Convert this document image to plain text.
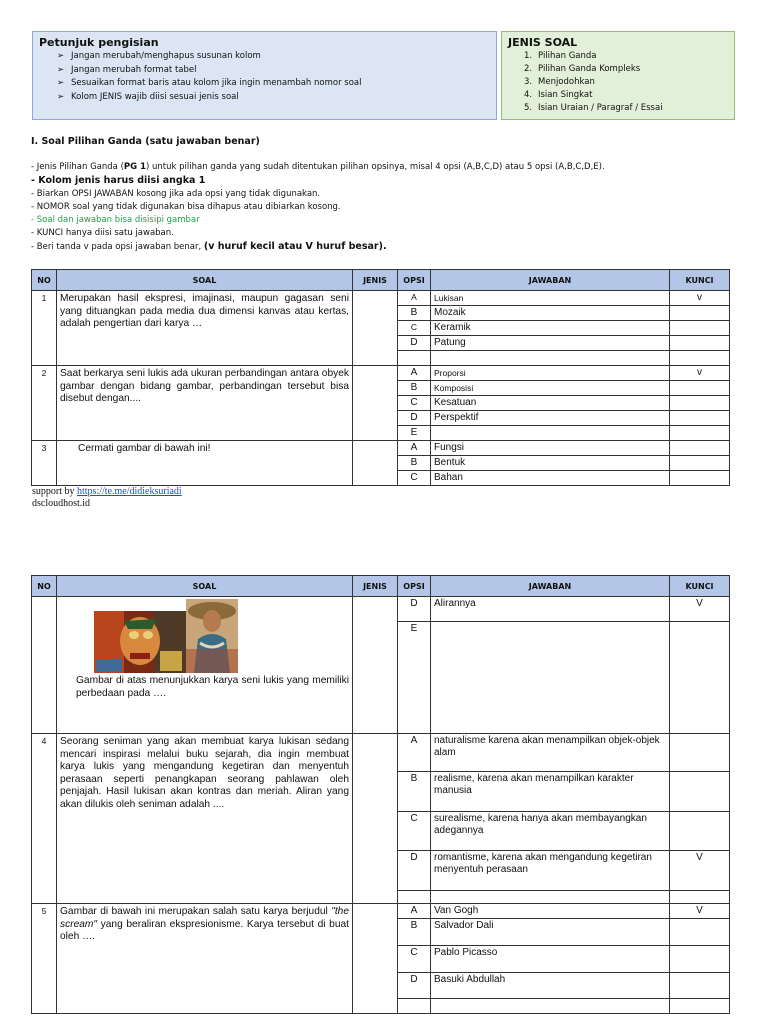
Petunjuk pengisian
➢ Jangan merubah/menghapus susunan kolom
➢ Jangan merubah format tabel
➢ Sesuaikan format baris atau kolom jika ingin menambah nomor soal
➢ Kolom JENIS wajib diisi sesuai jenis soal
JENIS SOAL
1. Pilihan Ganda
2. Pilihan Ganda Kompleks
3. Menjodohkan
4. Isian Singkat
5. Isian Uraian / Paragraf / Essai
I. Soal Pilihan Ganda (satu jawaban benar)
- Jenis Pilihan Ganda (PG 1) untuk pilihan ganda yang sudah ditentukan pilihan opsinya, misal 4 opsi (A,B,C,D) atau 5 opsi (A,B,C,D,E).
- Kolom jenis harus diisi angka 1
- Biarkan OPSI JAWABAN kosong jika ada opsi yang tidak digunakan.
- NOMOR soal yang tidak digunakan bisa dihapus atau dibiarkan kosong.
- Soal dan jawaban bisa disisipi gambar
- KUNCI hanya diisi satu jawaban.
- Beri tanda v pada opsi jawaban benar, (v huruf kecil atau V huruf besar).
NO	SOAL	JENIS	OPSI	JAWABAN	KUNCI
1	Merupakan hasil ekspresi, imajinasi, maupun gagasan seni yang dituangkan pada media dua dimensi kanvas atau kertas, adalah pengertian dari karya …		A	Lukisan	v
			B	Mozaik	
			C	Keramik	
			D	Patung	

2	Saat berkarya seni lukis ada ukuran perbandingan antara obyek gambar dengan bidang gambar, perbandingan tersebut bisa disebut dengan....		A	Proporsi	v
			B	Komposisi	
			C	Kesatuan	
			D	Perspektif	
			E		
3	Cermati gambar di bawah ini!		A	Fungsi	
			B	Bentuk	
			C	Bahan	
support by https://te.me/didieksuriadi
dscloudhost.id
NO	SOAL	JENIS	OPSI	JAWABAN	KUNCI

	Gambar di atas menunjukkan karya seni lukis yang memiliki perbedaan pada ….		D	Alirannya	V
			E		
4	Seorang seniman yang akan membuat karya lukisan sedang mencari inspirasi melalui buku sejarah, dia ingin membuat karya lukis yang mengandung kegetiran dan menyentuh perasaan seperti penangkapan seorang pahlawan oleh penjajah. Hasil lukisan akan kontras dan meriah. Aliran yang akan dilukis oleh seniman adalah ....		A	naturalisme karena akan menampilkan objek-objek alam	
			B	realisme, karena akan menampilkan karakter manusia	
			C	surealisme, karena hanya akan membayangkan adegannya	
			D	romantisme, karena akan mengandung kegetiran menyentuh perasaan	V

5	Gambar di bawah ini merupakan salah satu karya berjudul "the scream" yang beraliran ekspresionisme. Karya tersebut di buat oleh ….		A	Van Gogh	V
			B	Salvador Dali	
			C	Pablo Picasso	
			D	Basuki Abdullah	
